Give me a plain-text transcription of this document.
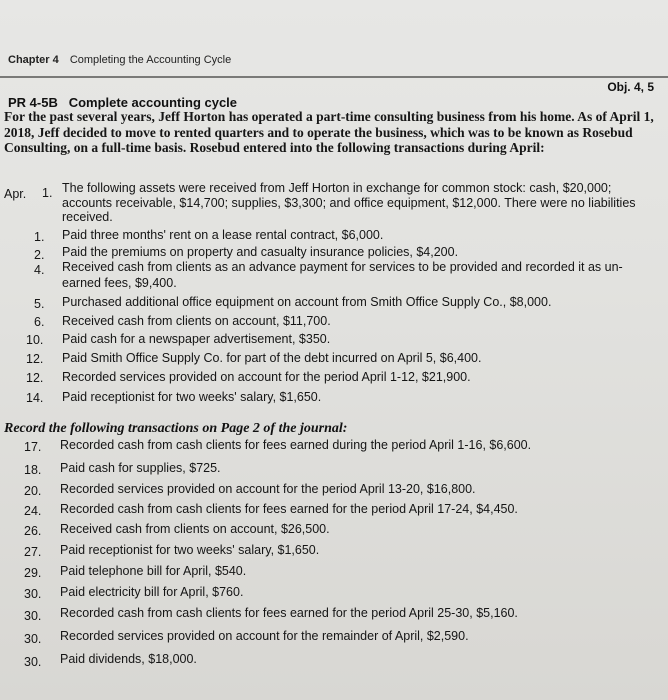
Chapter 4 Completing the Accounting Cycle
Obj. 4, 5
PR 4-5B Complete accounting cycle
For the past several years, Jeff Horton has operated a part-time consulting business from his home. As of April 1, 2018, Jeff decided to move to rented quarters and to operate the business, which was to be known as Rosebud Consulting, on a full-time basis. Rosebud entered into the following transactions during April:
Apr. 1. The following assets were received from Jeff Horton in exchange for common stock: cash, $20,000;
accounts receivable, $14,700; supplies, $3,300; and office equipment, $12,000. There were no liabilities
received.
1. Paid three months' rent on a lease rental contract, $6,000.
2. Paid the premiums on property and casualty insurance policies, $4,200.
4. Received cash from clients as an advance payment for services to be provided and recorded it as un-
earned fees, $9,400.
5. Purchased additional office equipment on account from Smith Office Supply Co., $8,000.
6. Received cash from clients on account, $11,700.
10. Paid cash for a newspaper advertisement, $350.
12. Paid Smith Office Supply Co. for part of the debt incurred on April 5, $6,400.
12. Recorded services provided on account for the period April 1-12, $21,900.
14. Paid receptionist for two weeks' salary, $1,650.
Record the following transactions on Page 2 of the journal:
17. Recorded cash from cash clients for fees earned during the period April 1-16, $6,600.
18. Paid cash for supplies, $725.
20. Recorded services provided on account for the period April 13-20, $16,800.
24. Recorded cash from cash clients for fees earned for the period April 17-24, $4,450.
26. Received cash from clients on account, $26,500.
27. Paid receptionist for two weeks' salary, $1,650.
29. Paid telephone bill for April, $540.
30. Paid electricity bill for April, $760.
30. Recorded cash from cash clients for fees earned for the period April 25-30, $5,160.
30. Recorded services provided on account for the remainder of April, $2,590.
30. Paid dividends, $18,000.
